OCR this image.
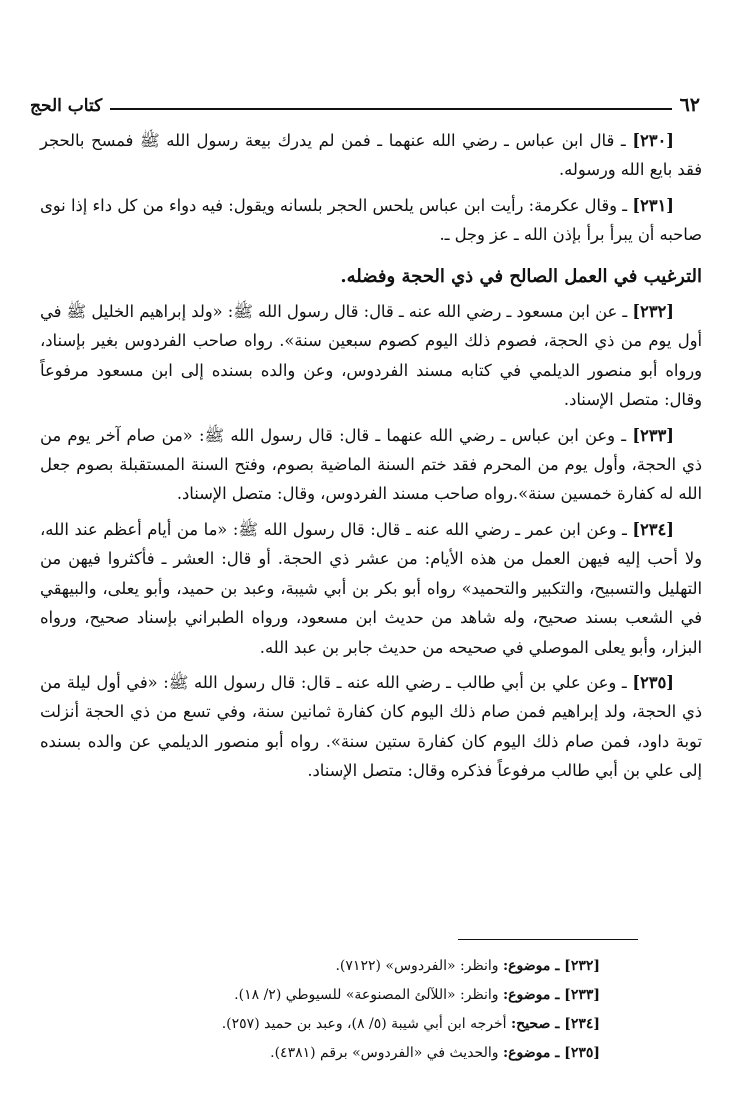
٦٢
كتاب الحج

[٢٣٠] ـ قال ابن عباس ـ رضي الله عنهما ـ فمن لم يدرك بيعة رسول الله ﷺ فمسح بالحجر فقد بايع الله ورسوله.

[٢٣١] ـ وقال عكرمة: رأيت ابن عباس يلحس الحجر بلسانه ويقول: فيه دواء من كل داء إذا نوى صاحبه أن يبرأ برأ بإذن الله ـ عز وجل ـ.

الترغيب في العمل الصالح في ذي الحجة وفضله.

[٢٣٢] ـ عن ابن مسعود ـ رضي الله عنه ـ قال: قال رسول الله ﷺ: «ولد إبراهيم الخليل ﷺ في أول يوم من ذي الحجة، فصوم ذلك اليوم كصوم سبعين سنة». رواه صاحب الفردوس بغير بإسناد، ورواه أبو منصور الديلمي في كتابه مسند الفردوس، وعن والده بسنده إلى ابن مسعود مرفوعاً وقال: متصل الإسناد.

[٢٣٣] ـ وعن ابن عباس ـ رضي الله عنهما ـ قال: قال رسول الله ﷺ: «من صام آخر يوم من ذي الحجة، وأول يوم من المحرم فقد ختم السنة الماضية بصوم، وفتح السنة المستقبلة بصوم جعل الله له كفارة خمسين سنة».رواه صاحب مسند الفردوس، وقال: متصل الإسناد.

[٢٣٤] ـ وعن ابن عمر ـ رضي الله عنه ـ قال: قال رسول الله ﷺ: «ما من أيام أعظم عند الله، ولا أحب إليه فيهن العمل من هذه الأيام: من عشر ذي الحجة. أو قال: العشر ـ فأكثروا فيهن من التهليل والتسبيح، والتكبير والتحميد» رواه أبو بكر بن أبي شيبة، وعبد بن حميد، وأبو يعلى، والبيهقي في الشعب بسند صحيح، وله شاهد من حديث ابن مسعود، ورواه الطبراني بإسناد صحيح، ورواه البزار، وأبو يعلى الموصلي في صحيحه من حديث جابر بن عبد الله.

[٢٣٥] ـ وعن علي بن أبي طالب ـ رضي الله عنه ـ قال: قال رسول الله ﷺ: «في أول ليلة من ذي الحجة، ولد إبراهيم فمن صام ذلك اليوم كان كفارة ثمانين سنة، وفي تسع من ذي الحجة أنزلت توبة داود، فمن صام ذلك اليوم كان كفارة ستين سنة». رواه أبو منصور الديلمي عن والده بسنده إلى علي بن أبي طالب مرفوعاً فذكره وقال: متصل الإسناد.

[٢٣٢] ـ موضوع: وانظر: «الفردوس» (٧١٢٢).

[٢٣٣] ـ موضوع: وانظر: «اللآلئ المصنوعة» للسيوطي (٢/ ١٨).

[٢٣٤] ـ صحيح: أخرجه ابن أبي شيبة (٥/ ٨)، وعبد بن حميد (٢٥٧).

[٢٣٥] ـ موضوع: والحديث في «الفردوس» برقم (٤٣٨١).
